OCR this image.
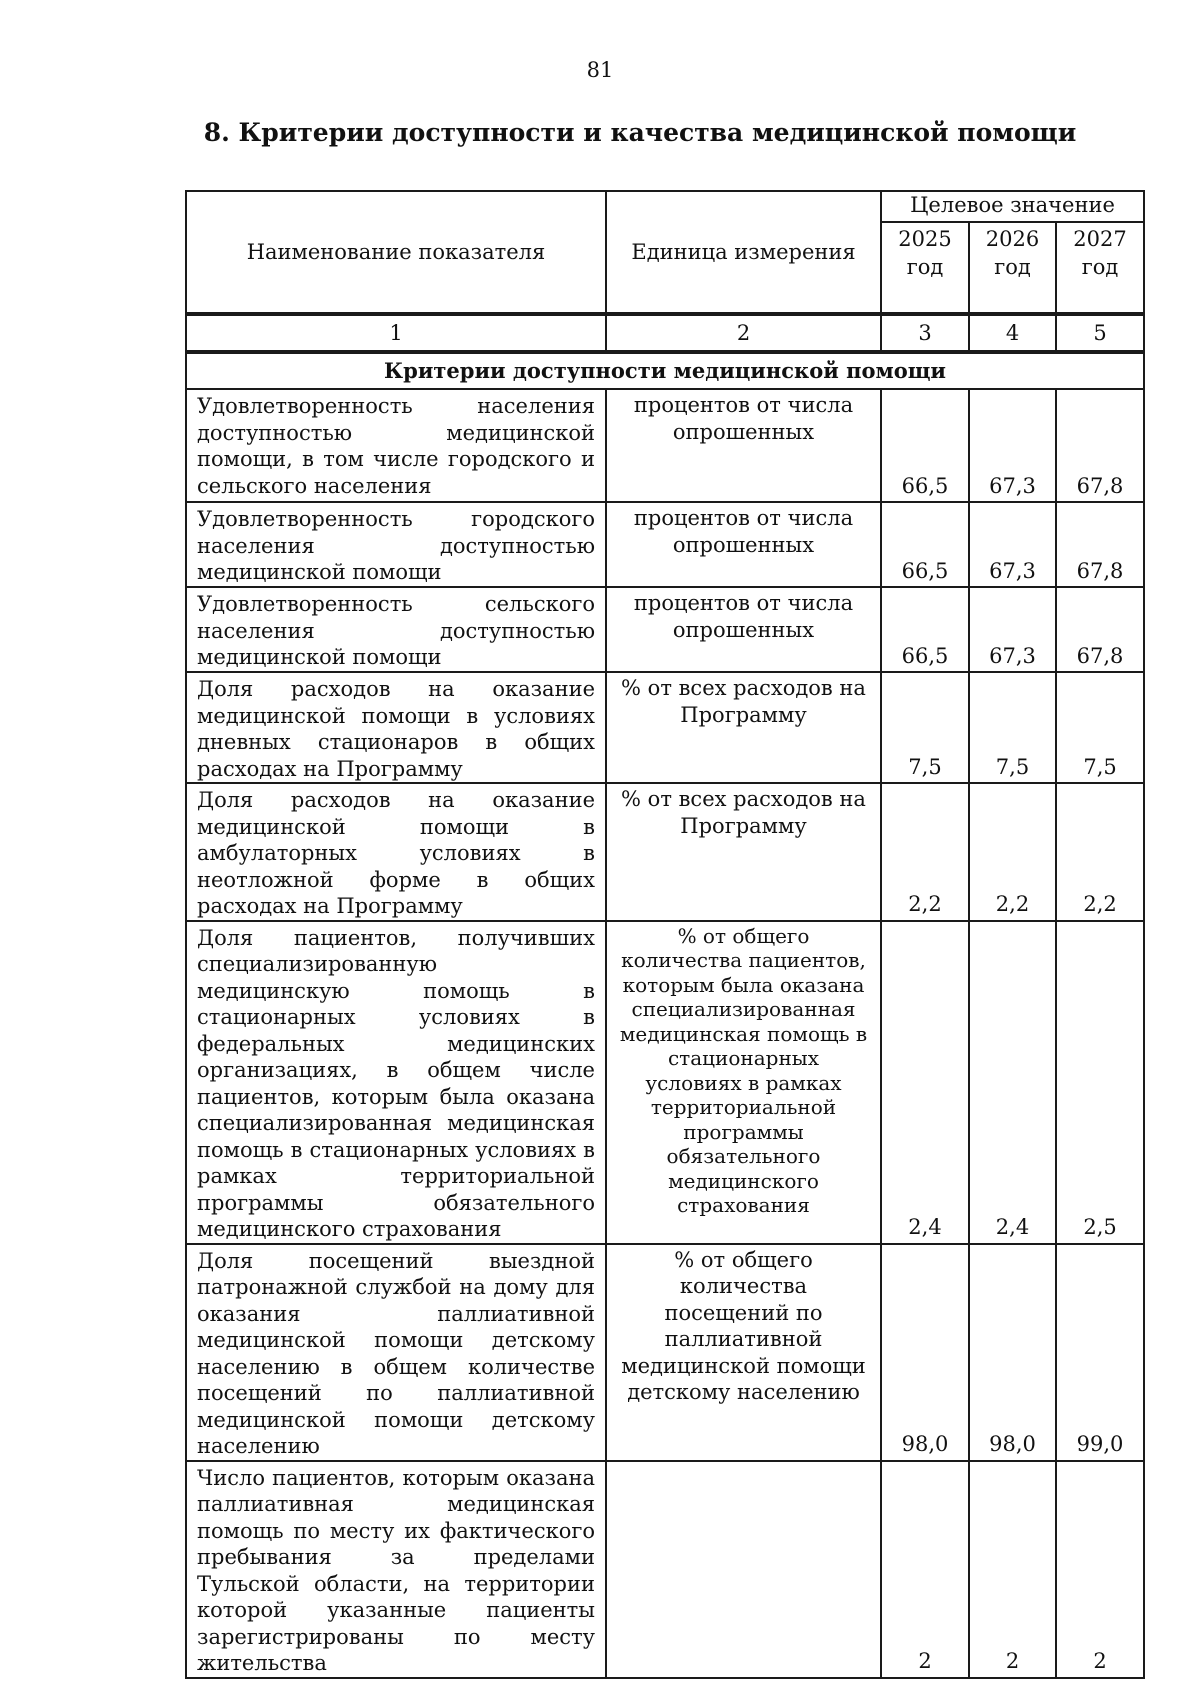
81
8. Критерии доступности и качества медицинской помощи
Наименование показателя	Единица измерения	Целевое значение		
		2025 год	2026 год	2027 год
1	2	3	4	5
Критерии доступности медицинской помощи				
Удовлетворенность населения доступностью медицинской помощи, в том числе городского и сельского населения	процентов от числа опрошенных	66,5	67,3	67,8
Удовлетворенность городского населения доступностью медицинской помощи	процентов от числа опрошенных	66,5	67,3	67,8
Удовлетворенность сельского населения доступностью медицинской помощи	процентов от числа опрошенных	66,5	67,3	67,8
Доля расходов на оказание медицинской помощи в условиях дневных стационаров в общих расходах на Программу	% от всех расходов на Программу	7,5	7,5	7,5
Доля расходов на оказание медицинской помощи в амбулаторных условиях в неотложной форме в общих расходах на Программу	% от всех расходов на Программу	2,2	2,2	2,2
Доля пациентов, получивших специализированную медицинскую помощь в стационарных условиях в федеральных медицинских организациях, в общем числе пациентов, которым была оказана специализированная медицинская помощь в стационарных условиях в рамках территориальной программы обязательного медицинского страхования	% от общего количества пациентов, которым была оказана специализированная медицинская помощь в стационарных условиях в рамках территориальной программы обязательного медицинского страхования	2,4	2,4	2,5
Доля посещений выездной патронажной службой на дому для оказания паллиативной медицинской помощи детскому населению в общем количестве посещений по паллиативной медицинской помощи детскому населению	% от общего количества посещений по паллиативной медицинской помощи детскому населению	98,0	98,0	99,0
Число пациентов, которым оказана паллиативная медицинская помощь по месту их фактического пребывания за пределами Тульской области, на территории которой указанные пациенты зарегистрированы по месту жительства		2	2	2
